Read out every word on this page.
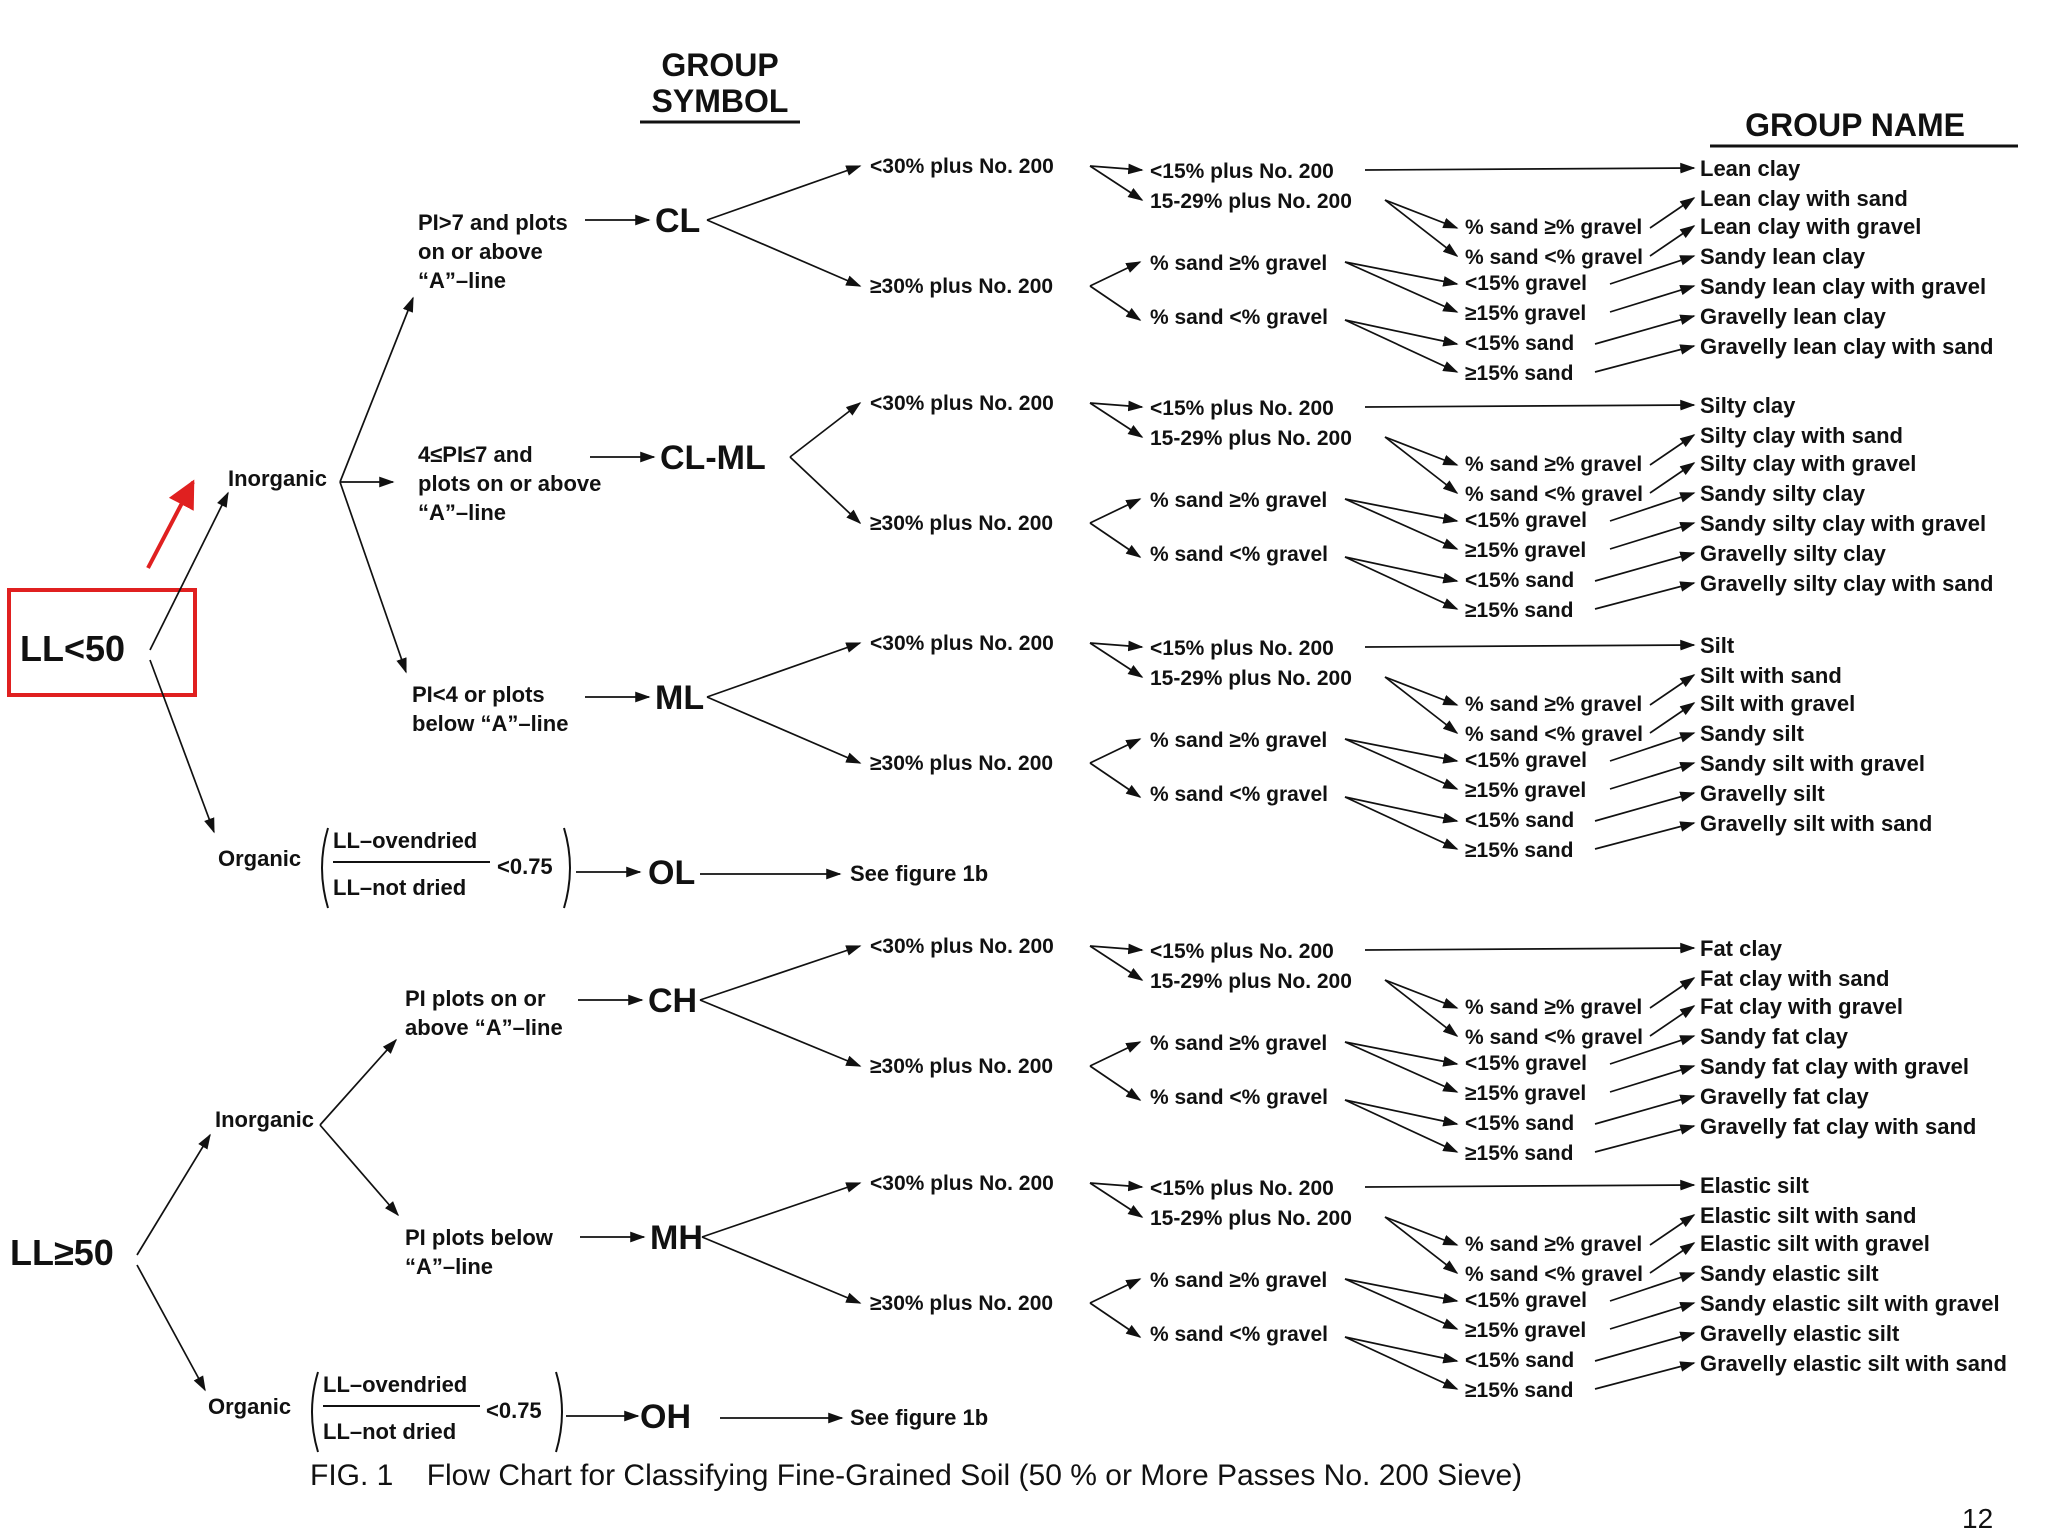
GROUP
SYMBOL
GROUP NAME
LL<50
LL≥50
Inorganic
Organic
Inorganic
Organic
PI>7 and plots on or above “A”–line
4≤PI≤7 and plots on or above “A”–line
PI<4 or plots below “A”–line
PI plots on or above “A”–line
PI plots below “A”–line
LL–ovendried
LL–not dried
<0.75
LL–ovendried
LL–not dried
<0.75
OL	See figure 1b
OH	See figure 1b
CL
<30% plus No. 200
≥30% plus No. 200
<15% plus No. 200
15-29% plus No. 200
% sand ≥% gravel
% sand <% gravel
% sand ≥% gravel
% sand <% gravel
<15% gravel
≥15% gravel
<15% sand
≥15% sand
Lean clay
Lean clay with sand
Lean clay with gravel
Sandy lean clay
Sandy lean clay with gravel
Gravelly lean clay
Gravelly lean clay with sand
CL-ML
<30% plus No. 200
≥30% plus No. 200
<15% plus No. 200
15-29% plus No. 200
% sand ≥% gravel
% sand <% gravel
% sand ≥% gravel
% sand <% gravel
<15% gravel
≥15% gravel
<15% sand
≥15% sand
Silty clay
Silty clay with sand
Silty clay with gravel
Sandy silty clay
Sandy silty clay with gravel
Gravelly silty clay
Gravelly silty clay with sand
ML
<30% plus No. 200
≥30% plus No. 200
<15% plus No. 200
15-29% plus No. 200
% sand ≥% gravel
% sand <% gravel
% sand ≥% gravel
% sand <% gravel
<15% gravel
≥15% gravel
<15% sand
≥15% sand
Silt
Silt with sand
Silt with gravel
Sandy silt
Sandy silt with gravel
Gravelly silt
Gravelly silt with sand
CH
<30% plus No. 200
≥30% plus No. 200
<15% plus No. 200
15-29% plus No. 200
% sand ≥% gravel
% sand <% gravel
% sand ≥% gravel
% sand <% gravel
<15% gravel
≥15% gravel
<15% sand
≥15% sand
Fat clay
Fat clay with sand
Fat clay with gravel
Sandy fat clay
Sandy fat clay with gravel
Gravelly fat clay
Gravelly fat clay with sand
MH
<30% plus No. 200
≥30% plus No. 200
<15% plus No. 200
15-29% plus No. 200
% sand ≥% gravel
% sand <% gravel
% sand ≥% gravel
% sand <% gravel
<15% gravel
≥15% gravel
<15% sand
≥15% sand
Elastic silt
Elastic silt with sand
Elastic silt with gravel
Sandy elastic silt
Sandy elastic silt with gravel
Gravelly elastic silt
Gravelly elastic silt with sand
FIG. 1    Flow Chart for Classifying Fine-Grained Soil (50 % or More Passes No. 200 Sieve)
12
